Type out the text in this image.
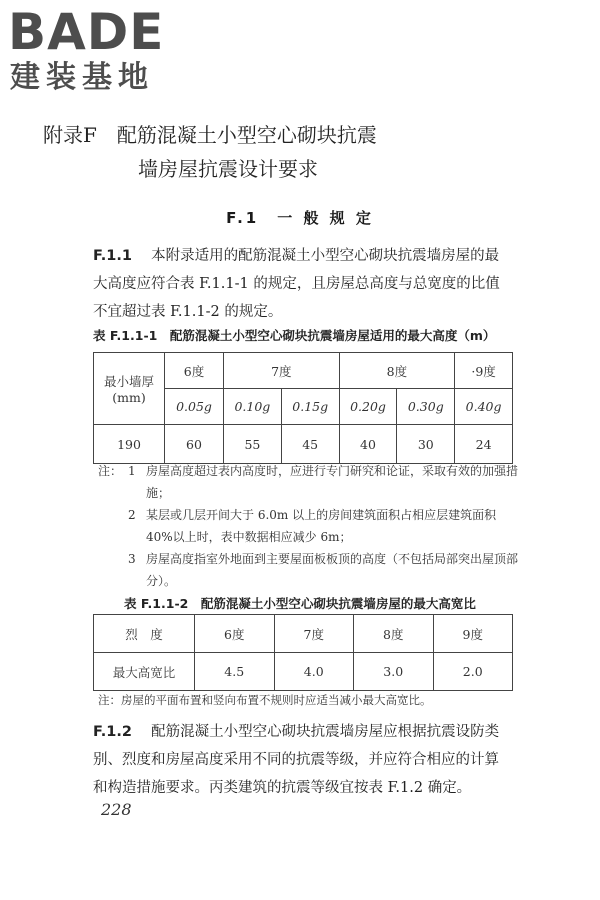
BADE
建装基地
附录F　配筋混凝土小型空心砌块抗震
墙房屋抗震设计要求
F.1　一 般 规 定
F.1.1 　 本附录适用的配筋混凝土小型空心砌块抗震墙房屋的最大高度应符合表 F.1.1-1 的规定，且房屋总高度与总宽度的比值不宜超过表 F.1.1-2 的规定。
表 F.1.1-1　配筋混凝土小型空心砌块抗震墙房屋适用的最大高度（m）
最小墙厚 (mm)	6度	7度		8度		·9度
	0.05g	0.10g	0.15g	0.20g	0.30g	0.40g
190	60	55	45	40	30	24
注： 1 房屋高度超过表内高度时，应进行专门研究和论证，采取有效的加强措施；
2 某层或几层开间大于 6.0m 以上的房间建筑面积占相应层建筑面积 40%以上时，表中数据相应减少 6m；
3 房屋高度指室外地面到主要屋面板板顶的高度（不包括局部突出屋顶部分）。
表 F.1.1-2　配筋混凝土小型空心砌块抗震墙房屋的最大高宽比
烈　度	6度	7度	8度	9度
最大高宽比	4.5	4.0	3.0	2.0
注：房屋的平面布置和竖向布置不规则时应适当减小最大高宽比。
F.1.2 　 配筋混凝土小型空心砌块抗震墙房屋应根据抗震设防类别、烈度和房屋高度采用不同的抗震等级，并应符合相应的计算和构造措施要求。丙类建筑的抗震等级宜按表 F.1.2 确定。
228
